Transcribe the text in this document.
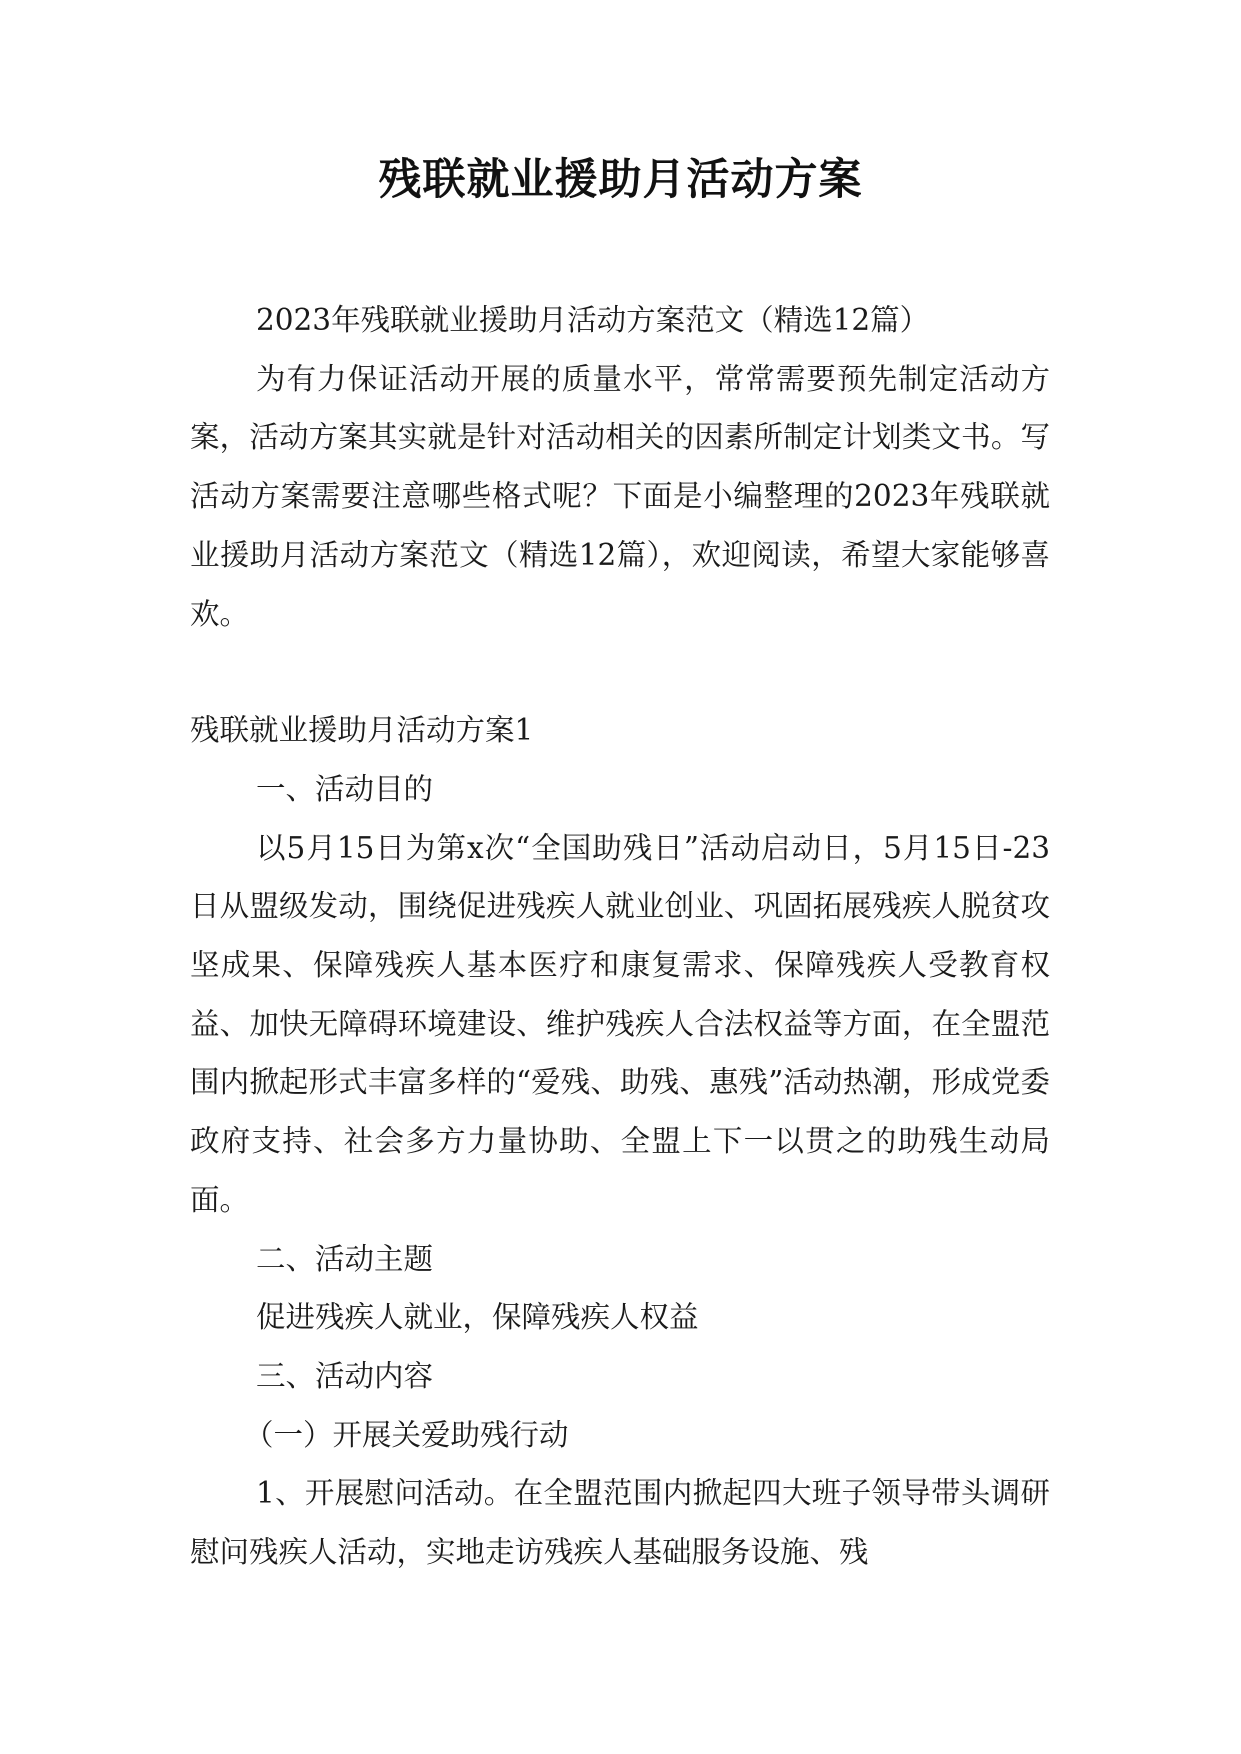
残联就业援助月活动方案

2023年残联就业援助月活动方案范文（精选12篇）

为有力保证活动开展的质量水平，常常需要预先制定活动方案，活动方案其实就是针对活动相关的因素所制定计划类文书。写活动方案需要注意哪些格式呢？下面是小编整理的2023年残联就业援助月活动方案范文（精选12篇），欢迎阅读，希望大家能够喜欢。

残联就业援助月活动方案1

一、活动目的

以5月15日为第x次“全国助残日”活动启动日，5月15日-23日从盟级发动，围绕促进残疾人就业创业、巩固拓展残疾人脱贫攻坚成果、保障残疾人基本医疗和康复需求、保障残疾人受教育权益、加快无障碍环境建设、维护残疾人合法权益等方面，在全盟范围内掀起形式丰富多样的“爱残、助残、惠残”活动热潮，形成党委政府支持、社会多方力量协助、全盟上下一以贯之的助残生动局面。

二、活动主题

促进残疾人就业，保障残疾人权益

三、活动内容

（一）开展关爱助残行动

1、开展慰问活动。在全盟范围内掀起四大班子领导带头调研慰问残疾人活动，实地走访残疾人基础服务设施、残
